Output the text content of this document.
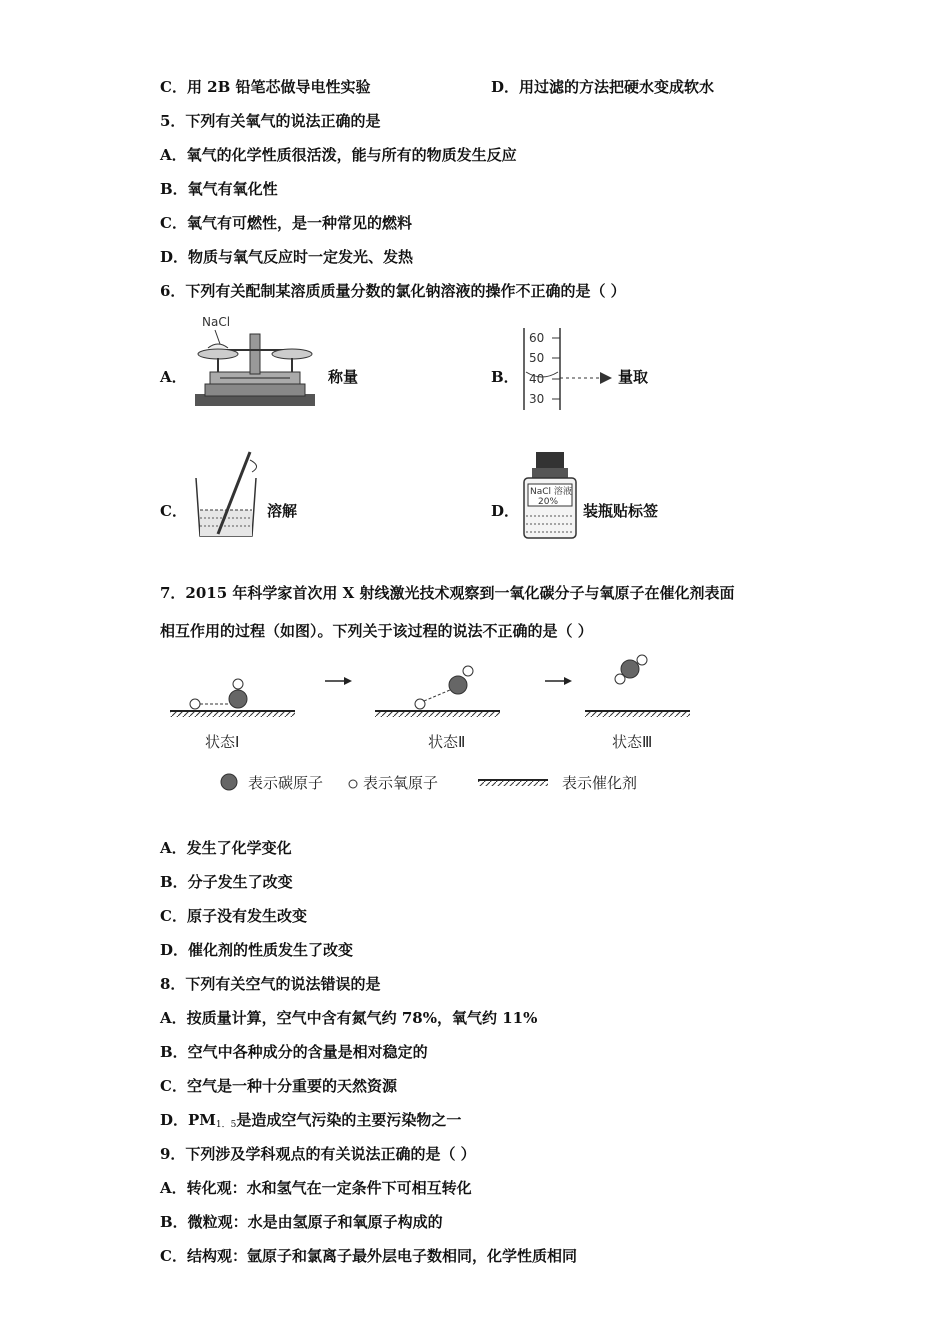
C．用 2B 铅笔芯做导电性实验	D．用过滤的方法把硬水变成软水
5．下列有关氧气的说法正确的是
A．氧气的化学性质很活泼，能与所有的物质发生反应
B．氧气有氧化性
C．氧气有可燃性，是一种常见的燃料
D．物质与氧气反应时一定发光、发热
6．下列有关配制某溶质质量分数的氯化钠溶液的操作不正确的是（ ）
A．
NaCl
称量	B．
60
50
40
30
量取
C．	溶解	D．
NaCl 溶液
20% 装瓶贴标签
7．2015 年科学家首次用 X 射线激光技术观察到一氧化碳分子与氧原子在催化剂表面
相互作用的过程（如图）。下列关于该过程的说法不正确的是（ ）
状态Ⅰ	状态Ⅱ	状态Ⅲ
表示碳原子	表示氧原子	表示催化剂
A．发生了化学变化
B．分子发生了改变
C．原子没有发生改变
D．催化剂的性质发生了改变
8．下列有关空气的说法错误的是
A．按质量计算，空气中含有氮气约 78%，氧气约 11%
B．空气中各种成分的含量是相对稳定的
C．空气是一种十分重要的天然资源
D．$PM_{1.5}$是造成空气污染的主要污染物之一
9．下列涉及学科观点的有关说法正确的是（ ）
A．转化观：水和氢气在一定条件下可相互转化
B．微粒观：水是由氢原子和氧原子构成的
C．结构观：氩原子和氯离子最外层电子数相同，化学性质相同
